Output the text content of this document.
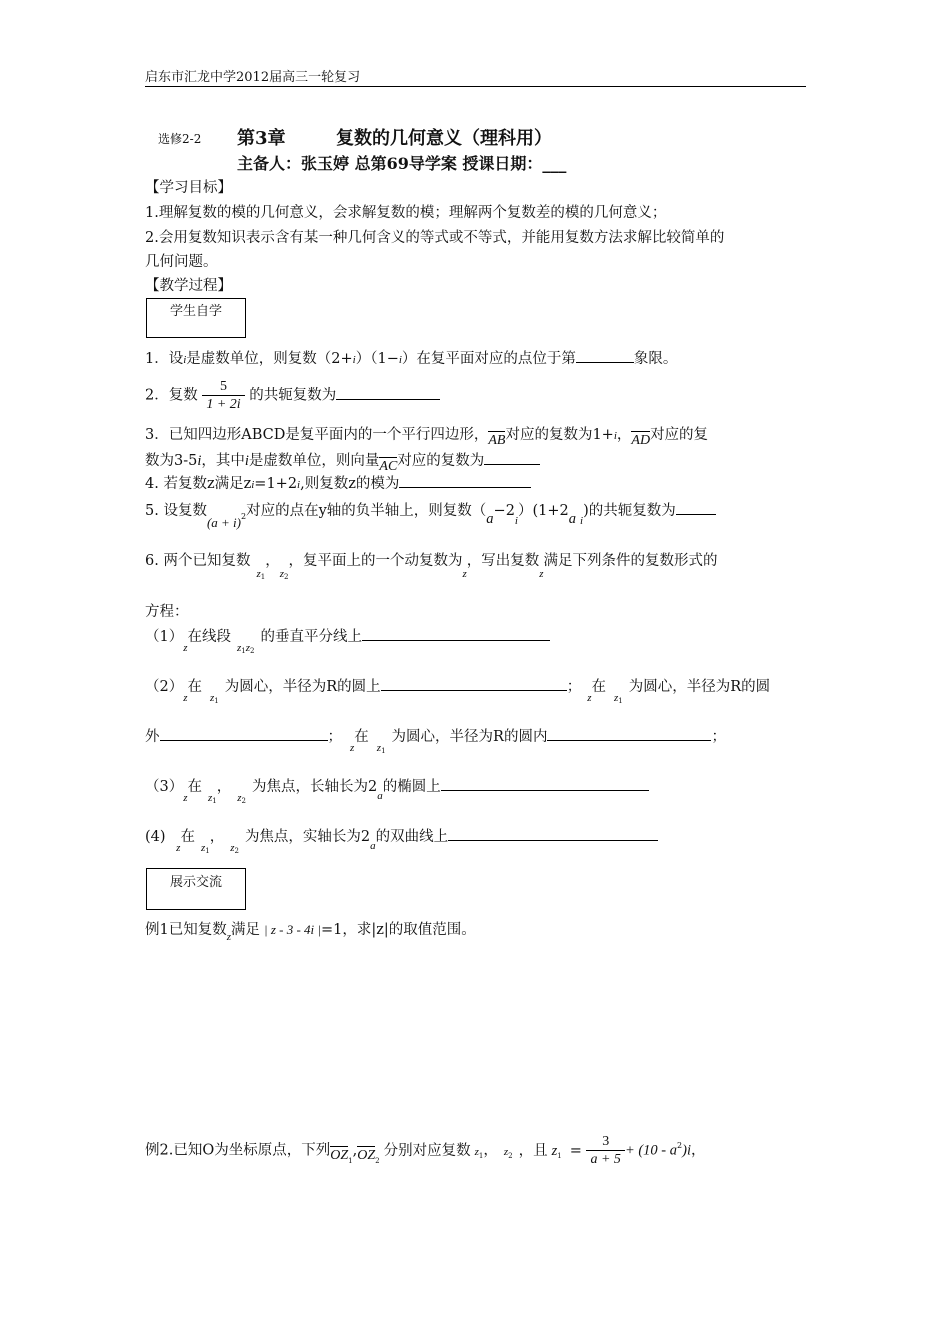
启东市汇龙中学2012届高三一轮复习
选修2-2 第3章	复数的几何意义（理科用）
主备人：张玉婷 总第69导学案 授课日期：___
【学习目标】
1.理解复数的模的几何意义，会求解复数的模；理解两个复数差的模的几何意义；
2.会用复数知识表示含有某一种几何含义的等式或不等式，并能用复数方法求解比较简单的
几何问题。
【教学过程】
学生自学
1．设i是虚数单位，则复数（2+i）（1−i）在复平面对应的点位于第	象限。
2．复数 $\frac{5}{1 + 2i}$ 的共轭复数为
3．已知四边形ABCD是复平面内的一个平行四边形，AB对应的复数为1+i，AD对应的复
数为3-5i，其中i是虚数单位，则向量AC对应的复数为
4. 若复数z满足zi=1+2i,则复数z的模为
5. 设复数$(a + i)_2$对应的点在y轴的负半轴上，则复数$(a-2_i)(1+2a$ $_i$)的共轭复数为
6. 两个已知复数$_{z1}$，$_{z2}$，复平面上的一个动复数为$_z$，写出复数$_z$满足下列条件的复数形式的
方程：
$(1)_z$在线段$_{z1z2}$的垂直平分线上
$(2)_z$在$_{z1}$为圆心，半径为R的圆上	；$_z$在$_{z1}$为圆心，半径为R的圆
外	；$_z$在$_{z1}$为圆心，半径为R的圆内	；
$(3)_z$在$_{z1}$，$_{z2}$为焦点，长轴长为$2_a$的椭圆上
(4) $_z$在$_{z1}$，$_{z2}$为焦点，实轴长为$2_a$的双曲线上
展示交流
例1已知复数$_z$满足 | z - 3 - 4i |=1，求|z|的取值范围。
例2.已知O为坐标原点，下列$OZ_1,OZ_2$分别对应复数 $z_1$， $z_2$ ，且 $z_1 = \frac{3}{a + 5} + (10 - a^2)i$，
